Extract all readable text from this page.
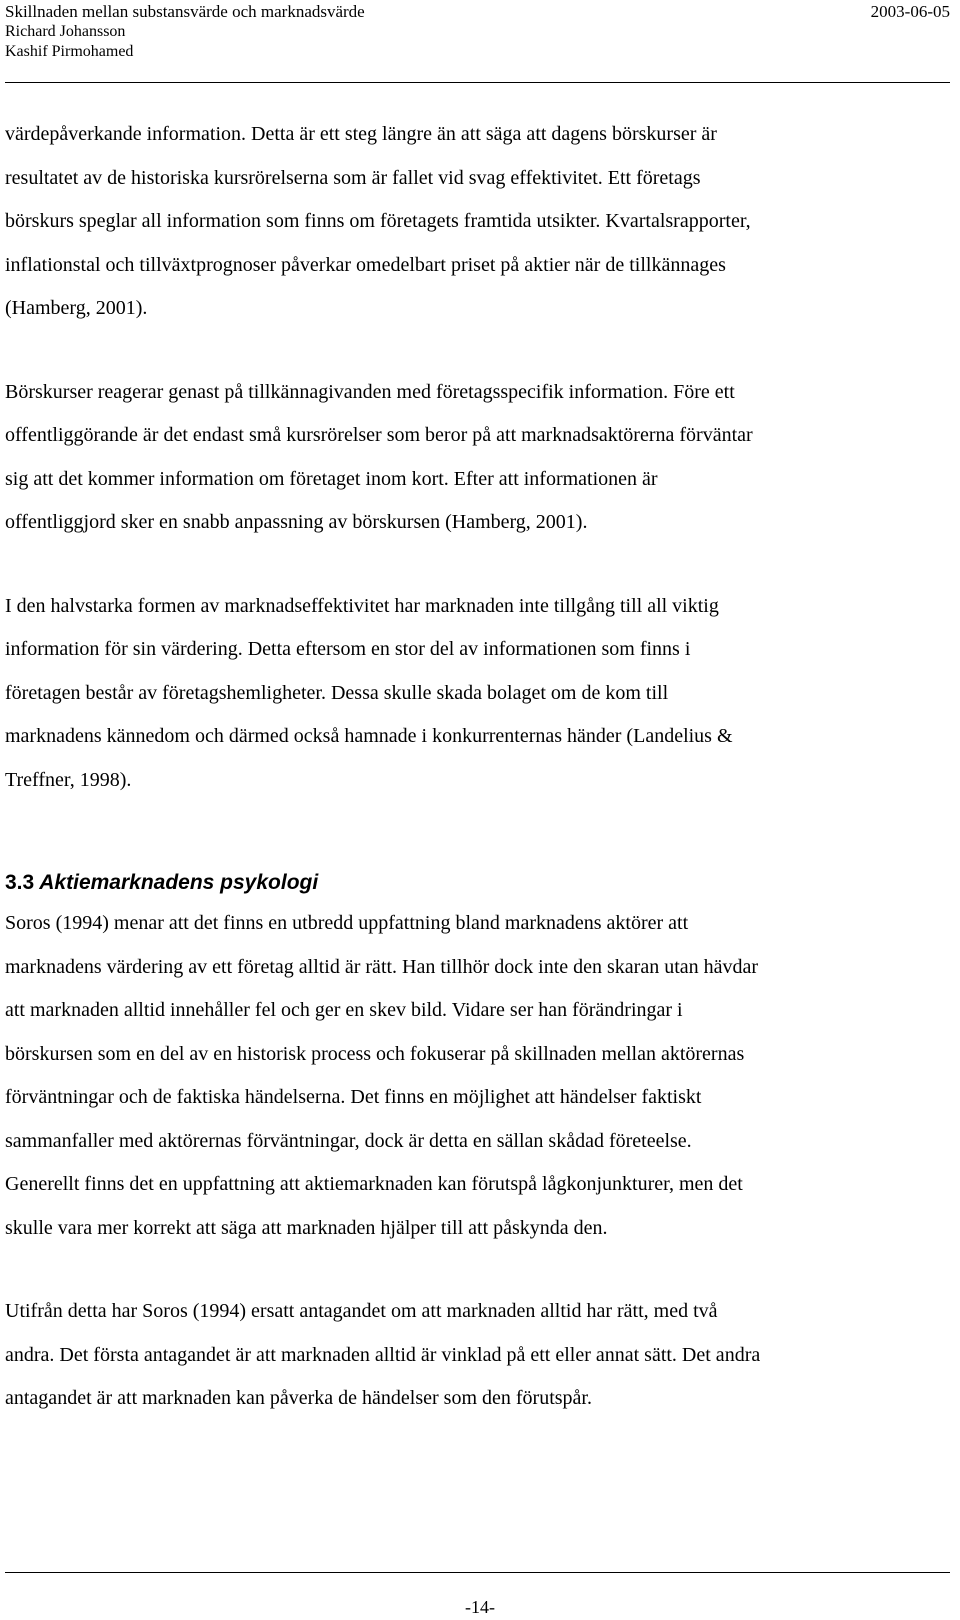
Skillnaden mellan substansvärde och marknadsvärde
Richard Johansson
Kashif Pirmohamed
2003-06-05

värdepåverkande information. Detta är ett steg längre än att säga att dagens börskurser är
resultatet av de historiska kursrörelserna som är fallet vid svag effektivitet. Ett företags
börskurs speglar all information som finns om företagets framtida utsikter. Kvartalsrapporter,
inflationstal och tillväxtprognoser påverkar omedelbart priset på aktier när de tillkännages
(Hamberg, 2001).

Börskurser reagerar genast på tillkännagivanden med företagsspecifik information. Före ett
offentliggörande är det endast små kursrörelser som beror på att marknadsaktörerna förväntar
sig att det kommer information om företaget inom kort. Efter att informationen är
offentliggjord sker en snabb anpassning av börskursen (Hamberg, 2001).

I den halvstarka formen av marknadseffektivitet har marknaden inte tillgång till all viktig
information för sin värdering. Detta eftersom en stor del av informationen som finns i
företagen består av företagshemligheter. Dessa skulle skada bolaget om de kom till
marknadens kännedom och därmed också hamnade i konkurrenternas händer (Landelius &
Treffner, 1998).

3.3 Aktiemarknadens psykologi

Soros (1994) menar att det finns en utbredd uppfattning bland marknadens aktörer att
marknadens värdering av ett företag alltid är rätt. Han tillhör dock inte den skaran utan hävdar
att marknaden alltid innehåller fel och ger en skev bild. Vidare ser han förändringar i
börskursen som en del av en historisk process och fokuserar på skillnaden mellan aktörernas
förväntningar och de faktiska händelserna. Det finns en möjlighet att händelser faktiskt
sammanfaller med aktörernas förväntningar, dock är detta en sällan skådad företeelse.
Generellt finns det en uppfattning att aktiemarknaden kan förutspå lågkonjunkturer, men det
skulle vara mer korrekt att säga att marknaden hjälper till att påskynda den.

Utifrån detta har Soros (1994) ersatt antagandet om att marknaden alltid har rätt, med två
andra. Det första antagandet är att marknaden alltid är vinklad på ett eller annat sätt. Det andra
antagandet är att marknaden kan påverka de händelser som den förutspår.

-14-
